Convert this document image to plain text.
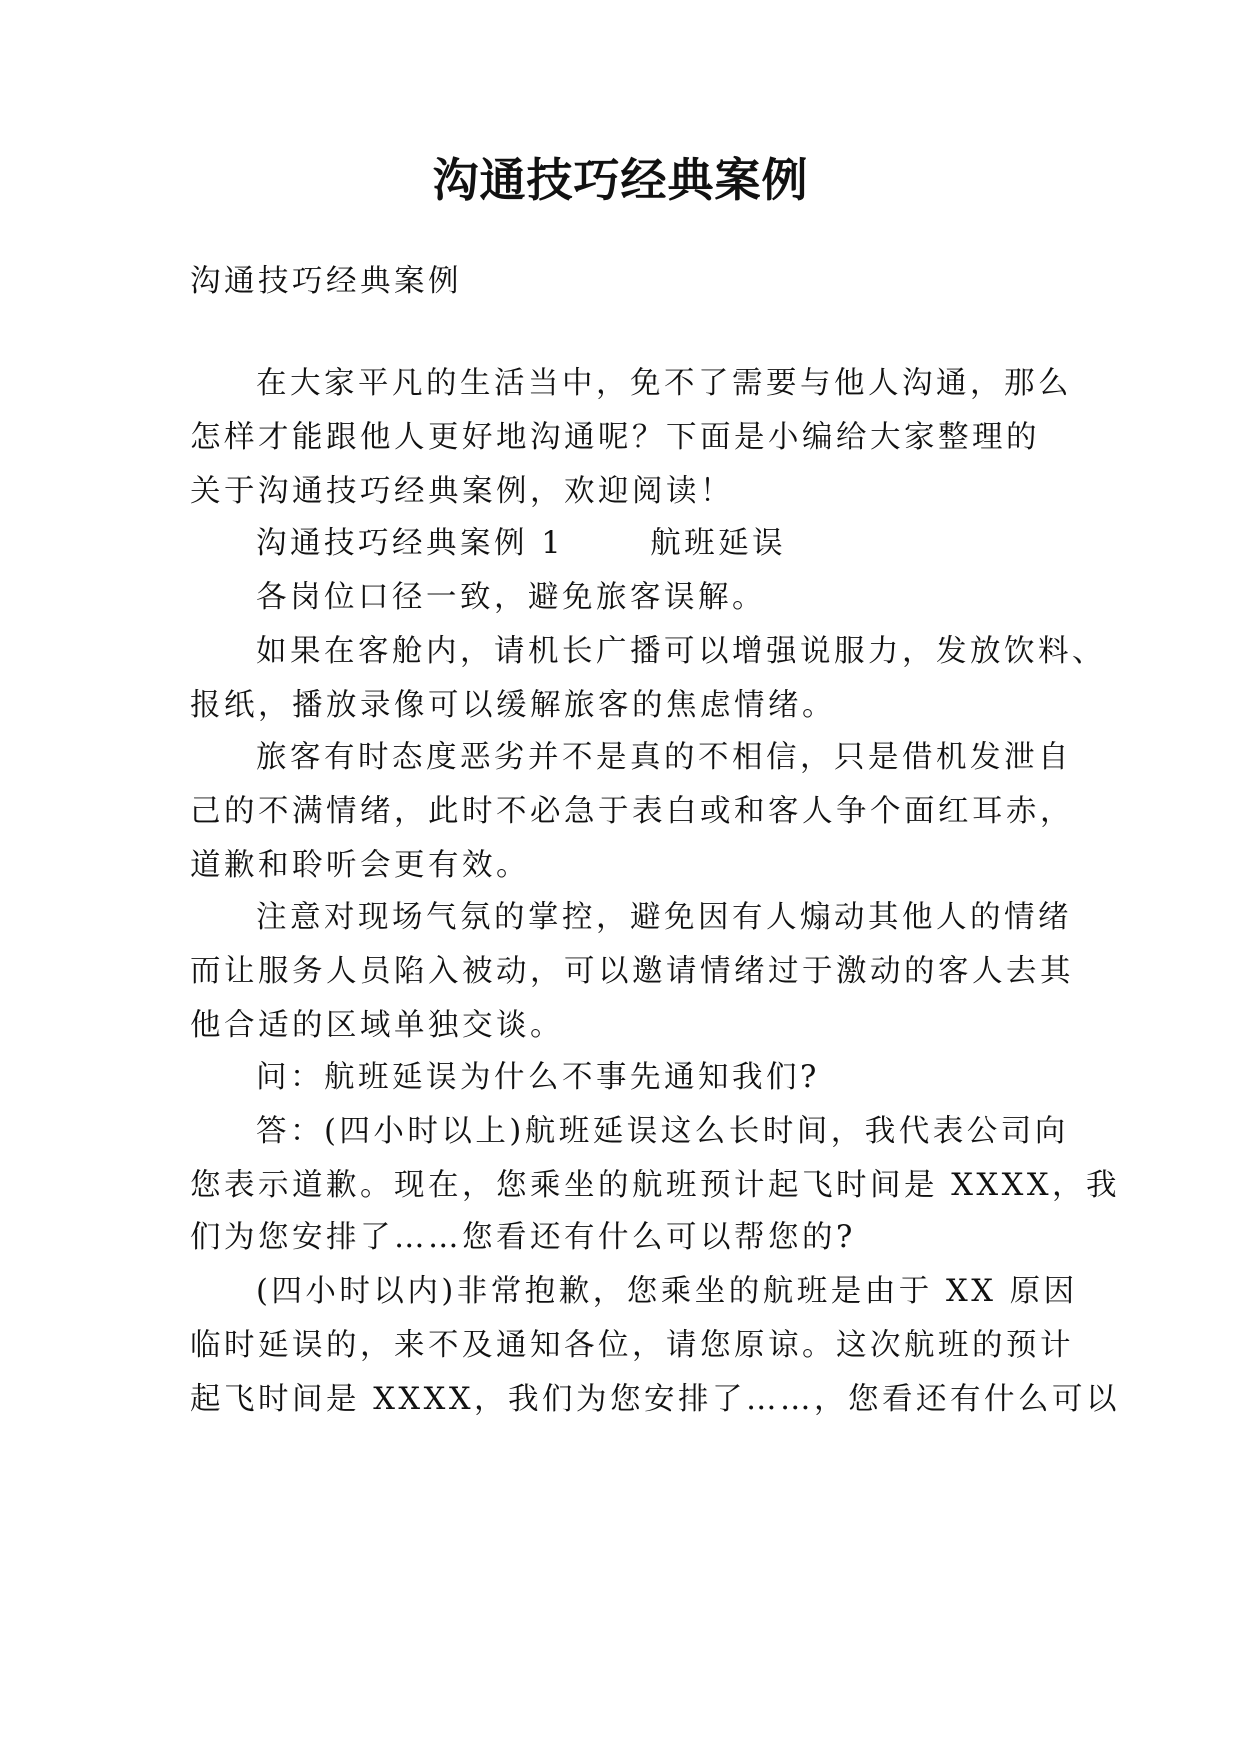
沟通技巧经典案例

沟通技巧经典案例

在大家平凡的生活当中，免不了需要与他人沟通，那么

怎样才能跟他人更好地沟通呢？下面是小编给大家整理的

关于沟通技巧经典案例，欢迎阅读！

沟通技巧经典案例 1	航班延误

各岗位口径一致，避免旅客误解。

如果在客舱内，请机长广播可以增强说服力，发放饮料、

报纸，播放录像可以缓解旅客的焦虑情绪。

旅客有时态度恶劣并不是真的不相信，只是借机发泄自

己的不满情绪，此时不必急于表白或和客人争个面红耳赤，

道歉和聆听会更有效。

注意对现场气氛的掌控，避免因有人煽动其他人的情绪

而让服务人员陷入被动，可以邀请情绪过于激动的客人去其

他合适的区域单独交谈。

问：航班延误为什么不事先通知我们?

答：(四小时以上)航班延误这么长时间，我代表公司向

您表示道歉。现在，您乘坐的航班预计起飞时间是 XXXX，我

们为您安排了……您看还有什么可以帮您的?

(四小时以内)非常抱歉，您乘坐的航班是由于 XX 原因

临时延误的，来不及通知各位，请您原谅。这次航班的预计

起飞时间是 XXXX，我们为您安排了……，您看还有什么可以
